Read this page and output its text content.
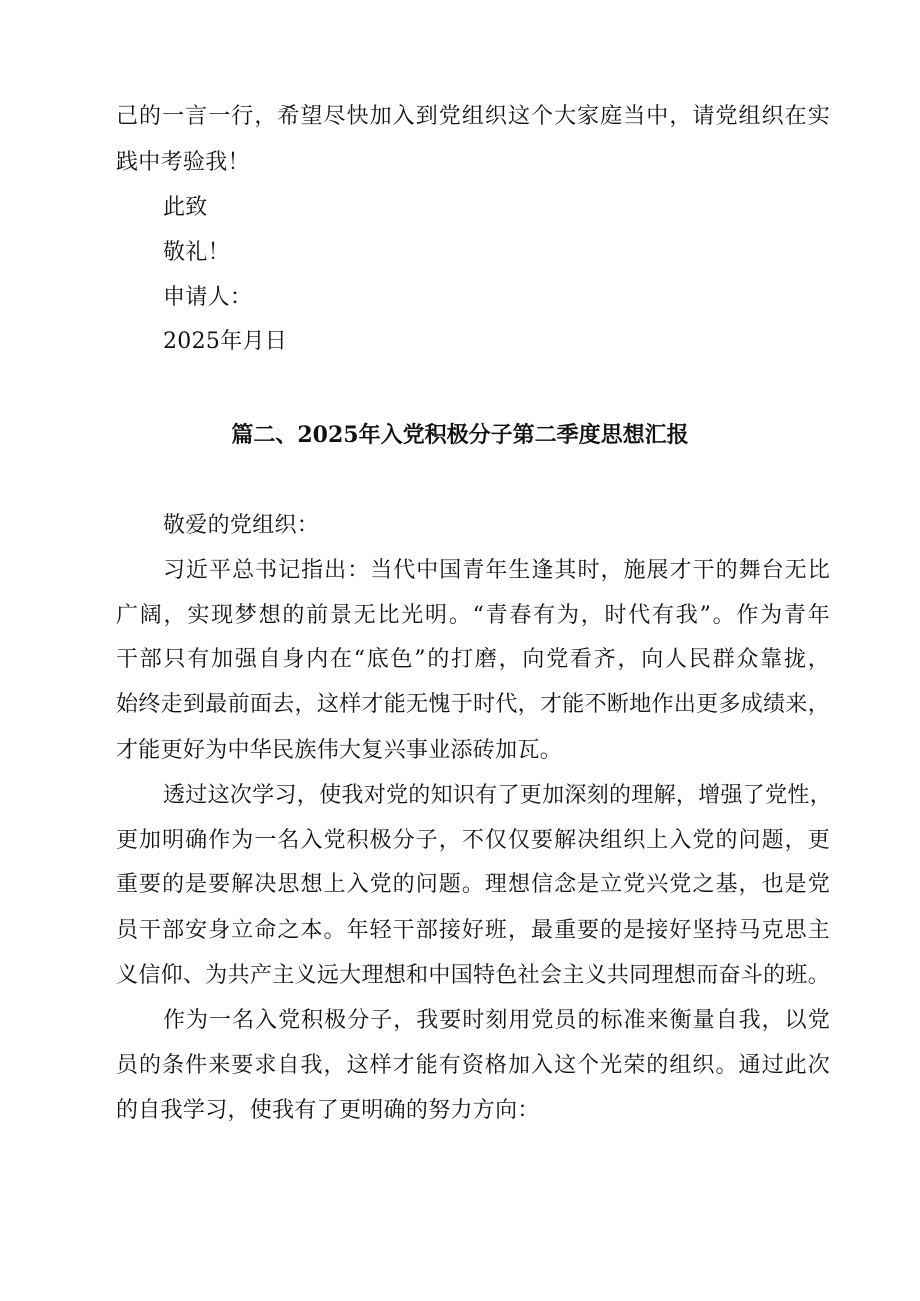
己的一言一行，希望尽快加入到党组织这个大家庭当中，请党组织在实
践中考验我！
此致
敬礼！
申请人：
2025年月日
篇二、2025年入党积极分子第二季度思想汇报
敬爱的党组织：
习近平总书记指出：当代中国青年生逢其时，施展才干的舞台无比
广阔，实现梦想的前景无比光明。“青春有为，时代有我”。作为青年
干部只有加强自身内在“底色”的打磨，向党看齐，向人民群众靠拢，
始终走到最前面去，这样才能无愧于时代，才能不断地作出更多成绩来，
才能更好为中华民族伟大复兴事业添砖加瓦。
透过这次学习，使我对党的知识有了更加深刻的理解，增强了党性，
更加明确作为一名入党积极分子，不仅仅要解决组织上入党的问题，更
重要的是要解决思想上入党的问题。理想信念是立党兴党之基，也是党
员干部安身立命之本。年轻干部接好班，最重要的是接好坚持马克思主
义信仰、为共产主义远大理想和中国特色社会主义共同理想而奋斗的班。
作为一名入党积极分子，我要时刻用党员的标准来衡量自我，以党
员的条件来要求自我，这样才能有资格加入这个光荣的组织。通过此次
的自我学习，使我有了更明确的努力方向：
